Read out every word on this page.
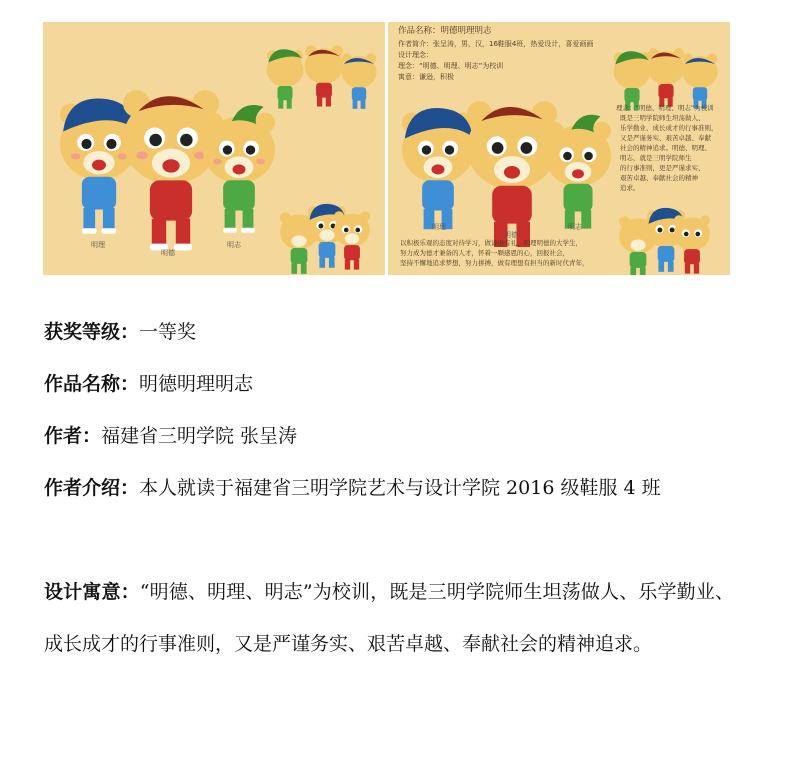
明理
明德
明志
作品名称：明德明理明志
作者简介：张呈涛，男，汉，16鞋服4班，热爱设计，喜爱画画
设计理念：
理念：“明德、明理、明志”为校训
寓意：谦逊，积极
理念：“明德、明理、明志”为校训
既是三明学院师生坦荡做人、
乐学勤业、成长成才的行事准则，
又是严谨务实、艰苦卓越、奉献
社会的精神追求。明德、明理、
明志，就是三明学院师生
的行事准则，更是严谨求实、
艰苦卓越、奉献社会的精神
追求。
明理
明德
明志
以积极乐观的态度对待学习，做谦逊有礼、明理明德的大学生，
努力成为德才兼备的人才，怀着一颗感恩的心，回报社会，
坚持不懈地追求梦想，努力拼搏，做有理想有担当的新时代青年，

获奖等级：一等奖

作品名称：明德明理明志

作者：福建省三明学院 张呈涛

作者介绍：本人就读于福建省三明学院艺术与设计学院 2016 级鞋服 4 班

设计寓意：“明德、明理、明志”为校训，既是三明学院师生坦荡做人、乐学勤业、成长成才的行事准则，又是严谨务实、艰苦卓越、奉献社会的精神追求。
